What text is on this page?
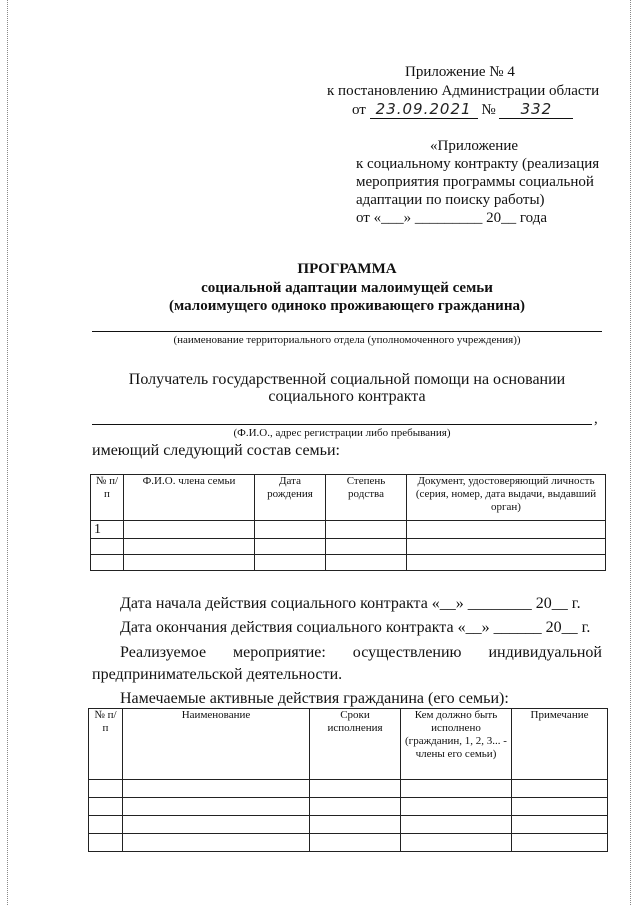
Приложение № 4
к постановлению Администрации области
от 23.09.2021 № 332
«Приложение
к социальному контракту (реализация
мероприятия программы социальной
адаптации по поиску работы)
от «___» _________ 20__ года
ПРОГРАММА
социальной адаптации малоимущей семьи
(малоимущего одиноко проживающего гражданина)
(наименование территориального отдела (уполномоченного учреждения))
Получатель государственной социальной помощи на основании
социального контракта
,
(Ф.И.О., адрес регистрации либо пребывания)
имеющий следующий состав семьи:
№ п/п	Ф.И.О. члена семьи	Дата рождения	Степень родства	Документ, удостоверяющий личность (серия, номер, дата выдачи, выдавший орган)
1				

Дата начала действия социального контракта «__» ________ 20__ г.
Дата окончания действия социального контракта «__» ______ 20__ г.
Реализуемое мероприятие: осуществлению индивидуальной
предпринимательской деятельности.
Намечаемые активные действия гражданина (его семьи):
№ п/п	Наименование	Сроки исполнения	Кем должно быть исполнено (гражданин, 1, 2, 3... - члены его семьи)	Примечание
